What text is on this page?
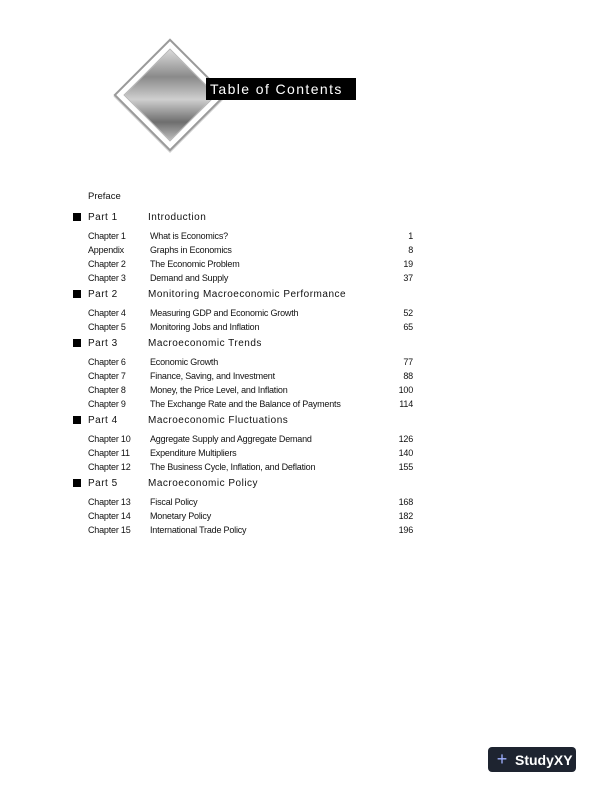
Table of Contents
Preface
Part 1	Introduction
Chapter 1	What is Economics?	1
Appendix	Graphs in Economics	8
Chapter 2	The Economic Problem	19
Chapter 3	Demand and Supply	37
Part 2	Monitoring Macroeconomic Performance
Chapter 4	Measuring GDP and Economic Growth	52
Chapter 5	Monitoring Jobs and Inflation	65
Part 3	Macroeconomic Trends
Chapter 6	Economic Growth	77
Chapter 7	Finance, Saving, and Investment	88
Chapter 8	Money, the Price Level, and Inflation	100
Chapter 9	The Exchange Rate and the Balance of Payments	114
Part 4	Macroeconomic Fluctuations
Chapter 10	Aggregate Supply and Aggregate Demand	126
Chapter 11	Expenditure Multipliers	140
Chapter 12	The Business Cycle, Inflation, and Deflation	155
Part 5	Macroeconomic Policy
Chapter 13	Fiscal Policy	168
Chapter 14	Monetary Policy	182
Chapter 15	International Trade Policy	196
+ StudyXY
